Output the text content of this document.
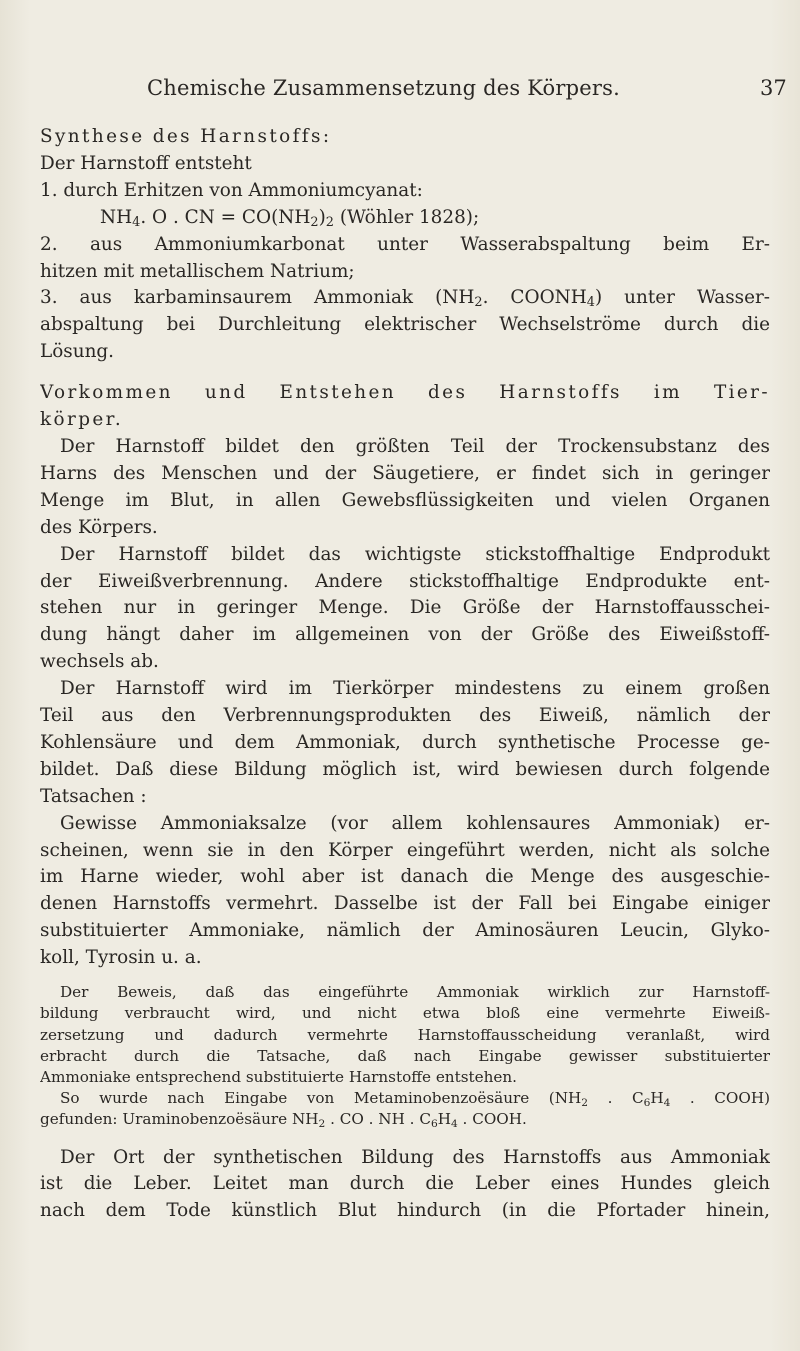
Chemische Zusammensetzung des Körpers.	37
Synthese des Harnstoffs:
Der Harnstoff entsteht
1. durch Erhitzen von Ammoniumcyanat:
$NH_4$. O . CN = $CO(NH_2)_2$ (Wöhler 1828);
2. aus Ammoniumkarbonat unter Wasserabspaltung beim Er-
hitzen mit metallischem Natrium;
3. aus karbaminsaurem Ammoniak ($NH_2$. $COONH_4$) unter Wasser-
abspaltung bei Durchleitung elektrischer Wechselströme durch die
Lösung.
Vorkommen und Entstehen des Harnstoffs im Tier-
körper.
Der Harnstoff bildet den größten Teil der Trockensubstanz des
Harns des Menschen und der Säugetiere, er findet sich in geringer
Menge im Blut, in allen Gewebsflüssigkeiten und vielen Organen
des Körpers.
Der Harnstoff bildet das wichtigste stickstoffhaltige Endprodukt
der Eiweißverbrennung. Andere stickstoffhaltige Endprodukte ent-
stehen nur in geringer Menge. Die Größe der Harnstoffausschei-
dung hängt daher im allgemeinen von der Größe des Eiweißstoff-
wechsels ab.
Der Harnstoff wird im Tierkörper mindestens zu einem großen
Teil aus den Verbrennungsprodukten des Eiweiß, nämlich der
Kohlensäure und dem Ammoniak, durch synthetische Processe ge-
bildet. Daß diese Bildung möglich ist, wird bewiesen durch folgende
Tatsachen :
Gewisse Ammoniaksalze (vor allem kohlensaures Ammoniak) er-
scheinen, wenn sie in den Körper eingeführt werden, nicht als solche
im Harne wieder, wohl aber ist danach die Menge des ausgeschie-
denen Harnstoffs vermehrt. Dasselbe ist der Fall bei Eingabe einiger
substituierter Ammoniake, nämlich der Aminosäuren Leucin, Glyko-
koll, Tyrosin u. a.
Der Beweis, daß das eingeführte Ammoniak wirklich zur Harnstoff-
bildung verbraucht wird, und nicht etwa bloß eine vermehrte Eiweiß-
zersetzung und dadurch vermehrte Harnstoffausscheidung veranlaßt, wird
erbracht durch die Tatsache, daß nach Eingabe gewisser substituierter
Ammoniake entsprechend substituierte Harnstoffe entstehen.
So wurde nach Eingabe von Metaminobenzoësäure ($NH_2$ . $C_6H_4$ . COOH)
gefunden: Uraminobenzoësäure $NH_2$ . CO . NH . $C_6H_4$ . COOH.
Der Ort der synthetischen Bildung des Harnstoffs aus Ammoniak
ist die Leber. Leitet man durch die Leber eines Hundes gleich
nach dem Tode künstlich Blut hindurch (in die Pfortader hinein,
